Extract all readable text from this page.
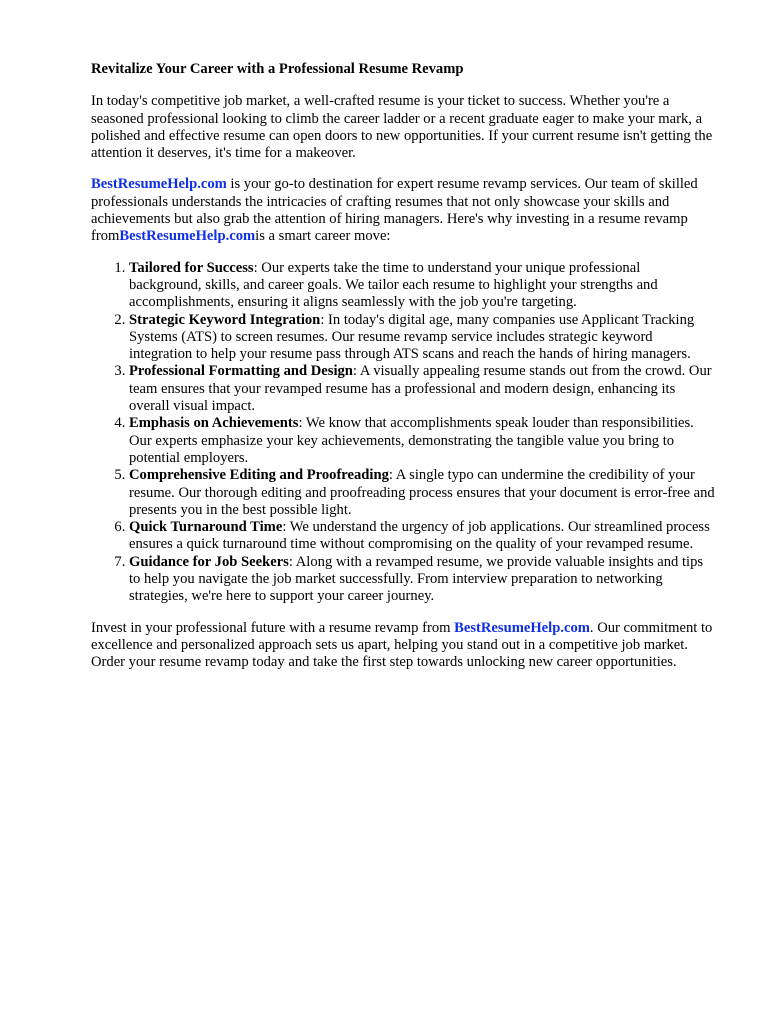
Revitalize Your Career with a Professional Resume Revamp

In today's competitive job market, a well-crafted resume is your ticket to success. Whether you're a seasoned professional looking to climb the career ladder or a recent graduate eager to make your mark, a polished and effective resume can open doors to new opportunities. If your current resume isn't getting the attention it deserves, it's time for a makeover.

BestResumeHelp.com is your go-to destination for expert resume revamp services. Our team of skilled professionals understands the intricacies of crafting resumes that not only showcase your skills and achievements but also grab the attention of hiring managers. Here's why investing in a resume revamp fromBestResumeHelp.comis a smart career move:

1. Tailored for Success: Our experts take the time to understand your unique professional background, skills, and career goals. We tailor each resume to highlight your strengths and accomplishments, ensuring it aligns seamlessly with the job you're targeting.
2. Strategic Keyword Integration: In today's digital age, many companies use Applicant Tracking Systems (ATS) to screen resumes. Our resume revamp service includes strategic keyword integration to help your resume pass through ATS scans and reach the hands of hiring managers.
3. Professional Formatting and Design: A visually appealing resume stands out from the crowd. Our team ensures that your revamped resume has a professional and modern design, enhancing its overall visual impact.
4. Emphasis on Achievements: We know that accomplishments speak louder than responsibilities. Our experts emphasize your key achievements, demonstrating the tangible value you bring to potential employers.
5. Comprehensive Editing and Proofreading: A single typo can undermine the credibility of your resume. Our thorough editing and proofreading process ensures that your document is error-free and presents you in the best possible light.
6. Quick Turnaround Time: We understand the urgency of job applications. Our streamlined process ensures a quick turnaround time without compromising on the quality of your revamped resume.
7. Guidance for Job Seekers: Along with a revamped resume, we provide valuable insights and tips to help you navigate the job market successfully. From interview preparation to networking strategies, we're here to support your career journey.

Invest in your professional future with a resume revamp from BestResumeHelp.com. Our commitment to excellence and personalized approach sets us apart, helping you stand out in a competitive job market. Order your resume revamp today and take the first step towards unlocking new career opportunities.
